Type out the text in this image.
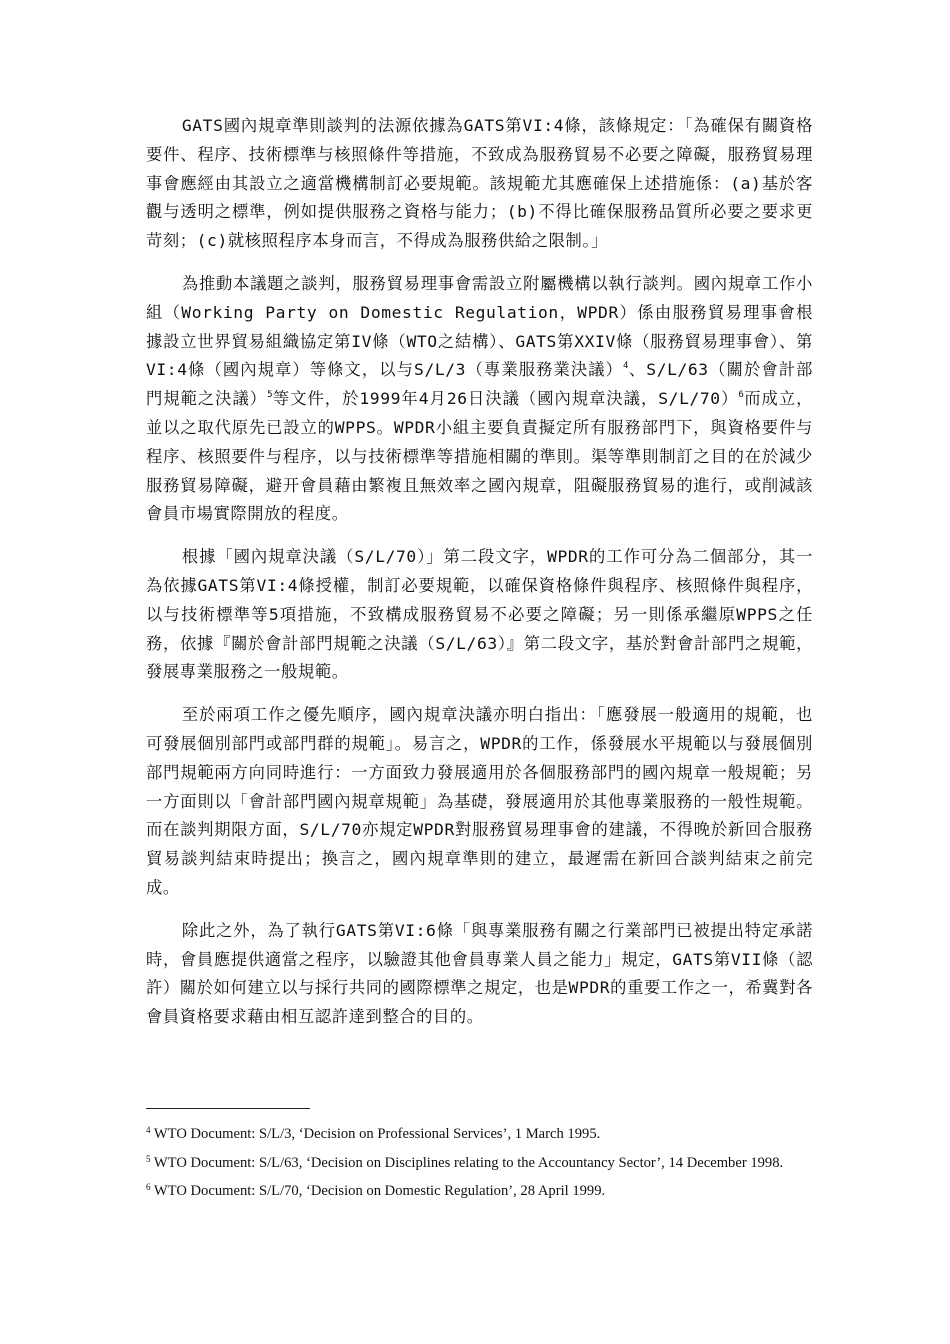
GATS國內規章準則談判的法源依據為GATS第VI:4條，該條規定：「為確保有關資格要件、程序、技術標準与核照條件等措施，不致成為服務貿易不必要之障礙，服務貿易理事會應經由其設立之適當機構制訂必要規範。該規範尤其應確保上述措施係：(a)基於客觀与透明之標準，例如提供服務之資格与能力；(b)不得比確保服務品質所必要之要求更苛刻；(c)就核照程序本身而言，不得成為服務供給之限制。」

為推動本議題之談判，服務貿易理事會需設立附屬機構以執行談判。國內規章工作小組（Working Party on Domestic Regulation，WPDR）係由服務貿易理事會根據設立世界貿易組織協定第IV條（WTO之結構）、GATS第XXIV條（服務貿易理事會）、第VI:4條（國內規章）等條文，以与S/L/3（專業服務業決議）$^4$、S/L/63（關於會計部門規範之決議）$^5$等文件，於1999年4月26日決議（國內規章決議，S/L/70）$^6$而成立，並以之取代原先已設立的WPPS。WPDR小組主要負責擬定所有服務部門下，與資格要件与程序、核照要件与程序，以与技術標準等措施相關的準則。渠等準則制訂之目的在於減少服務貿易障礙，避开會員藉由繁複且無效率之國內規章，阻礙服務貿易的進行，或削減該會員市場實際開放的程度。

根據「國內規章決議（S/L/70）」第二段文字，WPDR的工作可分為二個部分，其一為依據GATS第VI:4條授權，制訂必要規範，以確保資格條件與程序、核照條件與程序，以与技術標準等5項措施，不致構成服務貿易不必要之障礙；另一則係承繼原WPPS之任務，依據『關於會計部門規範之決議（S/L/63）』第二段文字，基於對會計部門之規範，發展專業服務之一般規範。

至於兩項工作之優先順序，國內規章決議亦明白指出：「應發展一般適用的規範，也可發展個別部門或部門群的規範」。易言之，WPDR的工作，係發展水平規範以与發展個別部門規範兩方向同時進行：一方面致力發展適用於各個服務部門的國內規章一般規範；另一方面則以「會計部門國內規章規範」為基礎，發展適用於其他專業服務的一般性規範。而在談判期限方面，S/L/70亦規定WPDR對服務貿易理事會的建議，不得晚於新回合服務貿易談判結束時提出；換言之，國內規章準則的建立，最遲需在新回合談判結束之前完成。

除此之外，為了執行GATS第VI:6條「與專業服務有關之行業部門已被提出特定承諾時，會員應提供適當之程序，以驗證其他會員專業人員之能力」規定，GATS第VII條（認許）關於如何建立以与採行共同的國際標準之規定，也是WPDR的重要工作之一，希冀對各會員資格要求藉由相互認許達到整合的目的。

$^4$ WTO Document: S/L/3, ‘Decision on Professional Services’, 1 March 1995.

$^5$ WTO Document: S/L/63, ‘Decision on Disciplines relating to the Accountancy Sector’, 14 December 1998.

$^6$ WTO Document: S/L/70, ‘Decision on Domestic Regulation’, 28 April 1999.
